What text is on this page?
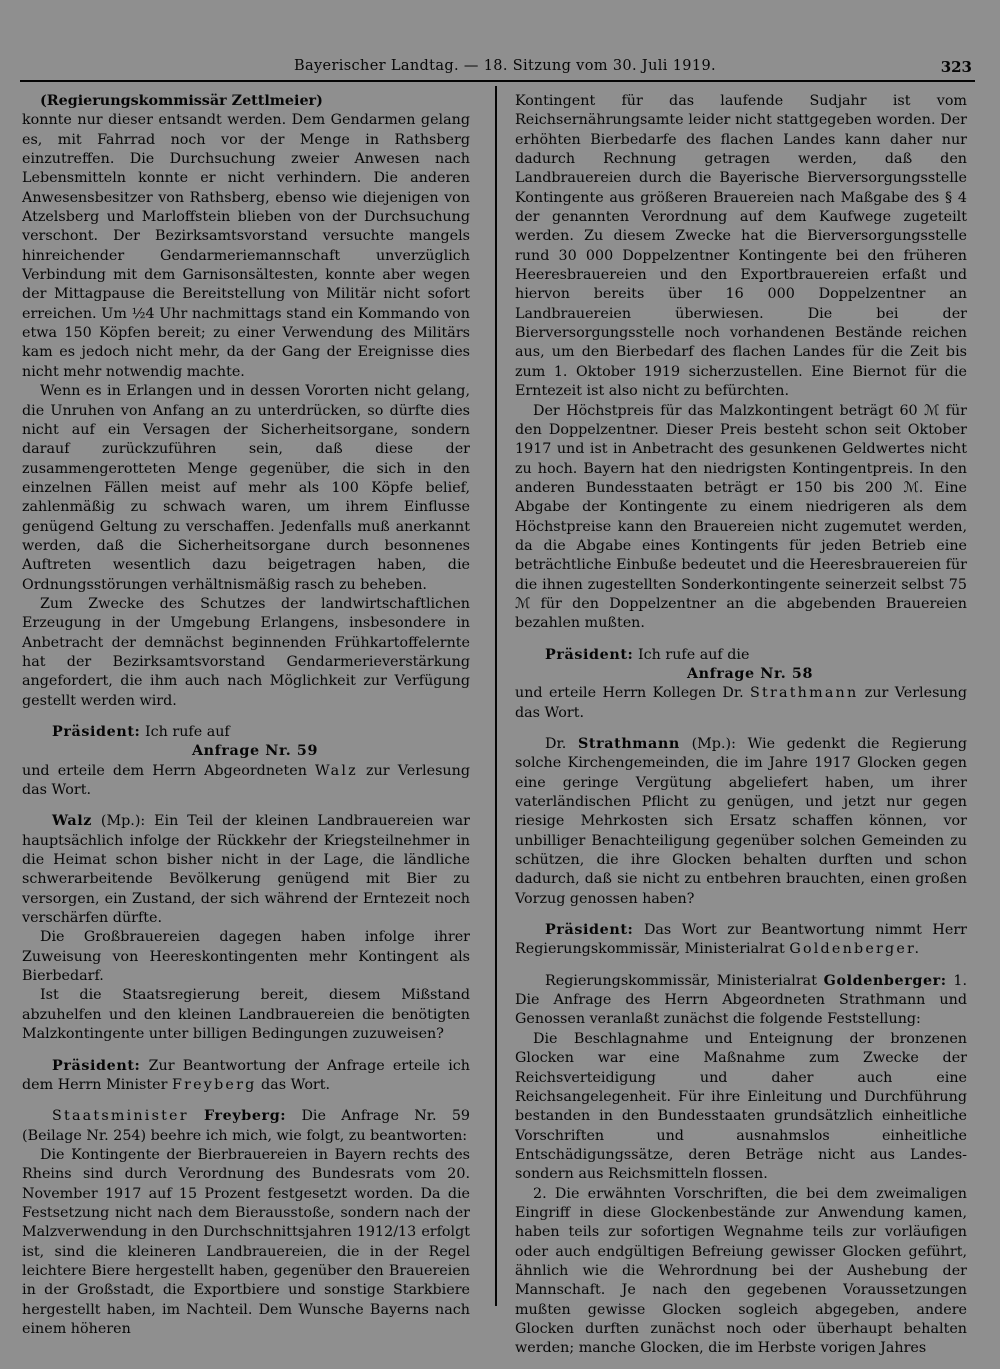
Bayerischer Landtag. — 18. Sitzung vom 30. Juli 1919.	323

(Regierungskommissär Zettlmeier)

konnte nur dieser entsandt werden. Dem Gendarmen gelang es, mit Fahrrad noch vor der Menge in Rathsberg einzutreffen. Die Durchsuchung zweier Anwesen nach Lebensmitteln konnte er nicht verhindern. Die anderen Anwesensbesitzer von Rathsberg, ebenso wie diejenigen von Atzelsberg und Marloffstein blieben von der Durchsuchung verschont. Der Bezirksamtsvorstand versuchte mangels hinreichender Gendarmeriemannschaft unverzüglich Verbindung mit dem Garnisonsältesten, konnte aber wegen der Mittagpause die Bereitstellung von Militär nicht sofort erreichen. Um ½4 Uhr nachmittags stand ein Kommando von etwa 150 Köpfen bereit; zu einer Verwendung des Militärs kam es jedoch nicht mehr, da der Gang der Ereignisse dies nicht mehr notwendig machte.

Wenn es in Erlangen und in dessen Vororten nicht gelang, die Unruhen von Anfang an zu unterdrücken, so dürfte dies nicht auf ein Versagen der Sicherheitsorgane, sondern darauf zurückzuführen sein, daß diese der zusammengerotteten Menge gegenüber, die sich in den einzelnen Fällen meist auf mehr als 100 Köpfe belief, zahlenmäßig zu schwach waren, um ihrem Einflusse genügend Geltung zu verschaffen. Jedenfalls muß anerkannt werden, daß die Sicherheitsorgane durch besonnenes Auftreten wesentlich dazu beigetragen haben, die Ordnungsstörungen verhältnismäßig rasch zu beheben.

Zum Zwecke des Schutzes der landwirtschaftlichen Erzeugung in der Umgebung Erlangens, insbesondere in Anbetracht der demnächst beginnenden Frühkartoffelernte hat der Bezirksamtsvorstand Gendarmerieverstärkung angefordert, die ihm auch nach Möglichkeit zur Verfügung gestellt werden wird.

Präsident: Ich rufe auf

Anfrage Nr. 59

und erteile dem Herrn Abgeordneten Walz zur Verlesung das Wort.

Walz (Mp.): Ein Teil der kleinen Landbrauereien war hauptsächlich infolge der Rückkehr der Kriegsteilnehmer in die Heimat schon bisher nicht in der Lage, die ländliche schwerarbeitende Bevölkerung genügend mit Bier zu versorgen, ein Zustand, der sich während der Erntezeit noch verschärfen dürfte.

Die Großbrauereien dagegen haben infolge ihrer Zuweisung von Heereskontingenten mehr Kontingent als Bierbedarf.

Ist die Staatsregierung bereit, diesem Mißstand abzuhelfen und den kleinen Landbrauereien die benötigten Malzkontingente unter billigen Bedingungen zuzuweisen?

Präsident: Zur Beantwortung der Anfrage erteile ich dem Herrn Minister Freyberg das Wort.

Staatsminister Freyberg: Die Anfrage Nr. 59 (Beilage Nr. 254) beehre ich mich, wie folgt, zu beantworten:

Die Kontingente der Bierbrauereien in Bayern rechts des Rheins sind durch Verordnung des Bundesrats vom 20. November 1917 auf 15 Prozent festgesetzt worden. Da die Festsetzung nicht nach dem Bierausstoße, sondern nach der Malzverwendung in den Durchschnittsjahren 1912/13 erfolgt ist, sind die kleineren Landbrauereien, die in der Regel leichtere Biere hergestellt haben, gegenüber den Brauereien in der Großstadt, die Exportbiere und sonstige Starkbiere hergestellt haben, im Nachteil. Dem Wunsche Bayerns nach einem höheren

Kontingent für das laufende Sudjahr ist vom Reichsernährungsamte leider nicht stattgegeben worden. Der erhöhten Bierbedarfe des flachen Landes kann daher nur dadurch Rechnung getragen werden, daß den Landbrauereien durch die Bayerische Bierversorgungsstelle Kontingente aus größeren Brauereien nach Maßgabe des § 4 der genannten Verordnung auf dem Kaufwege zugeteilt werden. Zu diesem Zwecke hat die Bierversorgungsstelle rund 30 000 Doppelzentner Kontingente bei den früheren Heeresbrauereien und den Exportbrauereien erfaßt und hiervon bereits über 16 000 Doppelzentner an Landbrauereien überwiesen. Die bei der Bierversorgungsstelle noch vorhandenen Bestände reichen aus, um den Bierbedarf des flachen Landes für die Zeit bis zum 1. Oktober 1919 sicherzustellen. Eine Biernot für die Erntezeit ist also nicht zu befürchten.

Der Höchstpreis für das Malzkontingent beträgt 60 ℳ für den Doppelzentner. Dieser Preis besteht schon seit Oktober 1917 und ist in Anbetracht des gesunkenen Geldwertes nicht zu hoch. Bayern hat den niedrigsten Kontingentpreis. In den anderen Bundesstaaten beträgt er 150 bis 200 ℳ. Eine Abgabe der Kontingente zu einem niedrigeren als dem Höchstpreise kann den Brauereien nicht zugemutet werden, da die Abgabe eines Kontingents für jeden Betrieb eine beträchtliche Einbuße bedeutet und die Heeresbrauereien für die ihnen zugestellten Sonderkontingente seinerzeit selbst 75 ℳ für den Doppelzentner an die abgebenden Brauereien bezahlen mußten.

Präsident: Ich rufe auf die

Anfrage Nr. 58

und erteile Herrn Kollegen Dr. Strathmann zur Verlesung das Wort.

Dr. Strathmann (Mp.): Wie gedenkt die Regierung solche Kirchengemeinden, die im Jahre 1917 Glocken gegen eine geringe Vergütung abgeliefert haben, um ihrer vaterländischen Pflicht zu genügen, und jetzt nur gegen riesige Mehrkosten sich Ersatz schaffen können, vor unbilliger Benachteiligung gegenüber solchen Gemeinden zu schützen, die ihre Glocken behalten durften und schon dadurch, daß sie nicht zu entbehren brauchten, einen großen Vorzug genossen haben?

Präsident: Das Wort zur Beantwortung nimmt Herr Regierungskommissär, Ministerialrat Goldenberger.

Regierungskommissär, Ministerialrat Goldenberger: 1. Die Anfrage des Herrn Abgeordneten Strathmann und Genossen veranlaßt zunächst die folgende Feststellung:

Die Beschlagnahme und Enteignung der bronzenen Glocken war eine Maßnahme zum Zwecke der Reichsverteidigung und daher auch eine Reichsangelegenheit. Für ihre Einleitung und Durchführung bestanden in den Bundesstaaten grundsätzlich einheitliche Vorschriften und ausnahmslos einheitliche Entschädigungssätze, deren Beträge nicht aus Landes- sondern aus Reichsmitteln flossen.

2. Die erwähnten Vorschriften, die bei dem zweimaligen Eingriff in diese Glockenbestände zur Anwendung kamen, haben teils zur sofortigen Wegnahme teils zur vorläufigen oder auch endgültigen Befreiung gewisser Glocken geführt, ähnlich wie die Wehrordnung bei der Aushebung der Mannschaft. Je nach den gegebenen Voraussetzungen mußten gewisse Glocken sogleich abgegeben, andere Glocken durften zunächst noch oder überhaupt behalten werden; manche Glocken, die im Herbste vorigen Jahres
